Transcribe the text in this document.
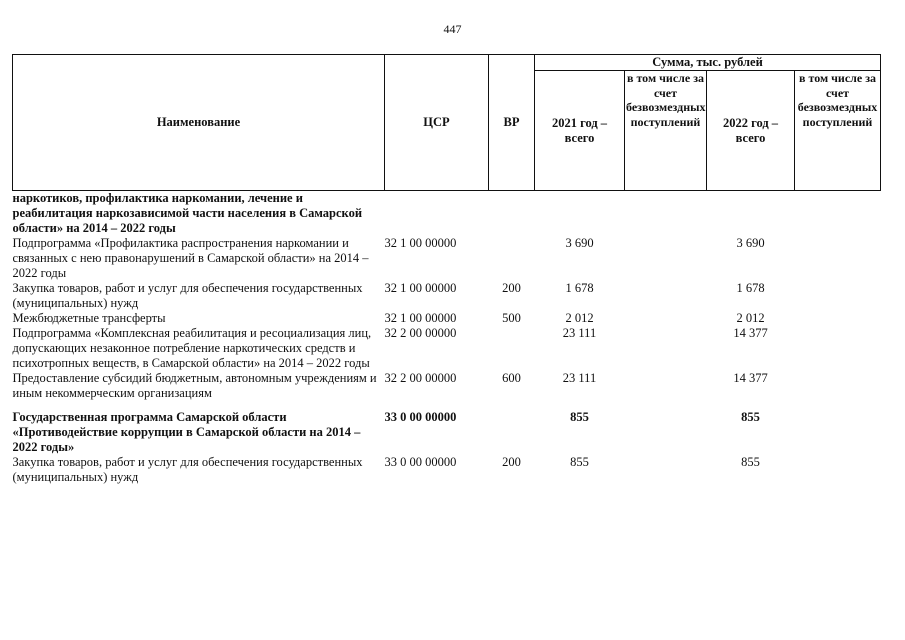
447
Наименование	ЦСР	ВР	Сумма, тыс. рублей			
			2021 год – всего	в том числе за счет безвозмездных поступлений	2022 год – всего	в том числе за счет безвозмездных поступлений
наркотиков, профилактика наркомании, лечение и реабилитация наркозависимой части населения в Самарской области» на 2014 – 2022 годы						
Подпрограмма «Профилактика распространения наркомании и связанных с нею правонарушений в Самарской области» на 2014 – 2022 годы	32 1 00 00000		3 690		3 690	
Закупка товаров, работ и услуг для обеспечения государственных (муниципальных) нужд	32 1 00 00000	200	1 678		1 678	
Межбюджетные трансферты	32 1 00 00000	500	2 012		2 012	
Подпрограмма «Комплексная реабилитация и ресоциализация лиц, допускающих незаконное потребление наркотических средств и психотропных веществ, в Самарской области» на 2014 – 2022 годы	32 2 00 00000		23 111		14 377	
Предоставление субсидий бюджетным, автономным учреждениям и иным некоммерческим организациям	32 2 00 00000	600	23 111		14 377	
Государственная программа Самарской области «Противодействие коррупции в Самарской области на 2014 – 2022 годы»	33 0 00 00000		855		855	
Закупка товаров, работ и услуг для обеспечения государственных (муниципальных) нужд	33 0 00 00000	200	855		855	
